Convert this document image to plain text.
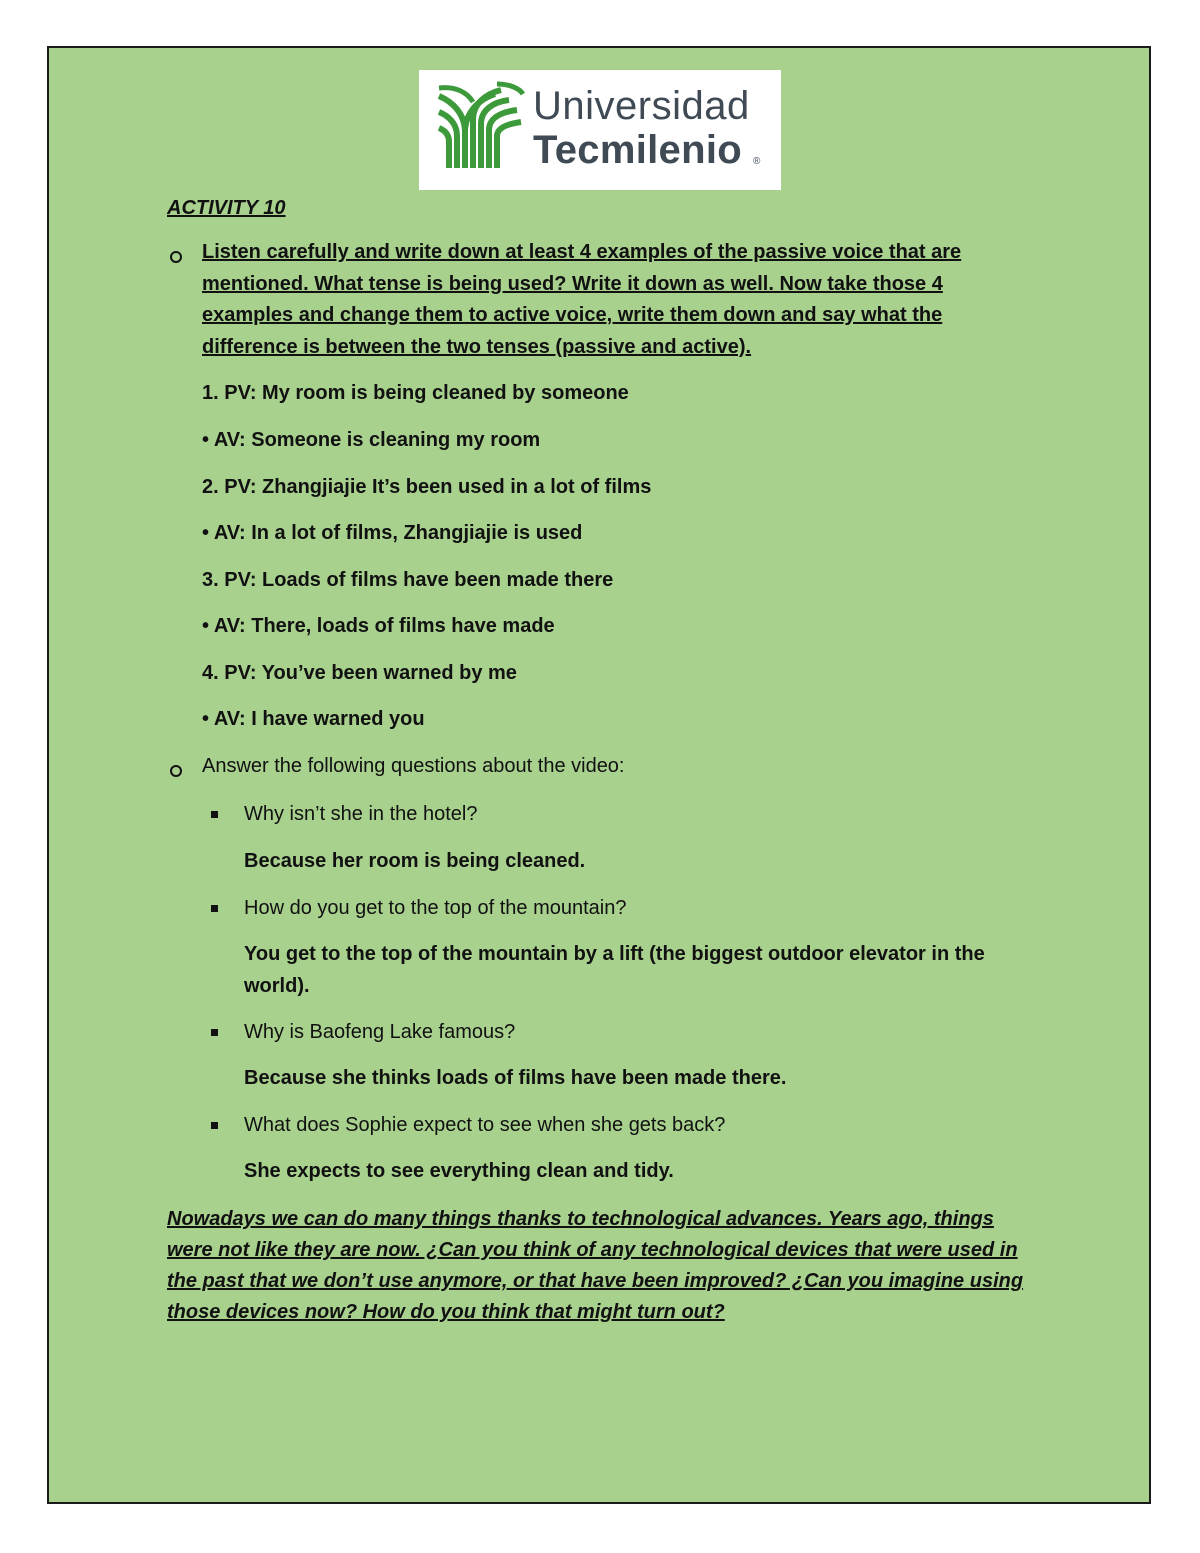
Universidad
Tecmilenio ®
ACTIVITY 10
Listen carefully and write down at least 4 examples of the passive voice that are mentioned. What tense is being used? Write it down as well. Now take those 4 examples and change them to active voice, write them down and say what the difference is between the two tenses (passive and active).
1. PV: My room is being cleaned by someone
• AV: Someone is cleaning my room
2. PV: Zhangjiajie It’s been used in a lot of films
• AV: In a lot of films, Zhangjiajie is used
3. PV: Loads of films have been made there
• AV: There, loads of films have made
4. PV: You’ve been warned by me
• AV: I have warned you
Answer the following questions about the video:
Why isn’t she in the hotel?
Because her room is being cleaned.
How do you get to the top of the mountain?
You get to the top of the mountain by a lift (the biggest outdoor elevator in the world).
Why is Baofeng Lake famous?
Because she thinks loads of films have been made there.
What does Sophie expect to see when she gets back?
She expects to see everything clean and tidy.
Nowadays we can do many things thanks to technological advances. Years ago, things were not like they are now. ¿Can you think of any technological devices that were used in the past that we don’t use anymore, or that have been improved? ¿Can you imagine using those devices now? How do you think that might turn out?
